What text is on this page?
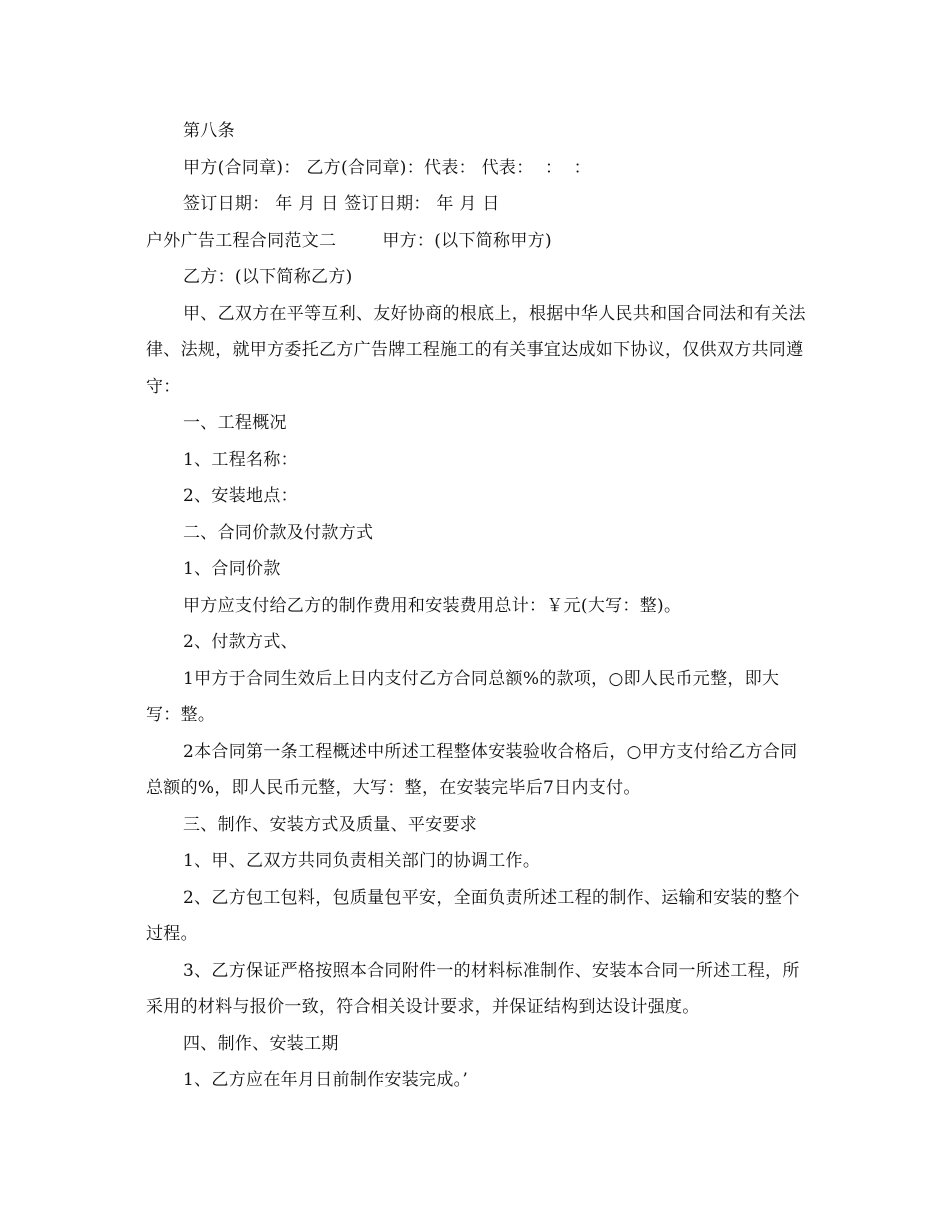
第八条

甲方(合同章)： 乙方(合同章)：代表： 代表：  ：  ：

签订日期： 年 月 日 签订日期： 年 月 日

户外广告工程合同范文二	甲方：(以下简称甲方)

乙方：(以下简称乙方)

甲、乙双方在平等互利、友好协商的根底上，根据中华人民共和国合同法和有关法律、法规，就甲方委托乙方广告牌工程施工的有关事宜达成如下协议，仅供双方共同遵守：

一、工程概况

1、工程名称：

2、安装地点：

二、合同价款及付款方式

1、合同价款

甲方应支付给乙方的制作费用和安装费用总计：￥元(大写：整)。

2、付款方式、

1甲方于合同生效后上日内支付乙方合同总额%的款项，○即人民币元整，即大写：整。

2本合同第一条工程概述中所述工程整体安装验收合格后，○甲方支付给乙方合同总额的%，即人民币元整，大写：整，在安装完毕后7日内支付。

三、制作、安装方式及质量、平安要求

1、甲、乙双方共同负责相关部门的协调工作。

2、乙方包工包料，包质量包平安，全面负责所述工程的制作、运输和安装的整个过程。

3、乙方保证严格按照本合同附件一的材料标准制作、安装本合同一所述工程，所采用的材料与报价一致，符合相关设计要求，并保证结构到达设计强度。

四、制作、安装工期

1、乙方应在年月日前制作安装完成。’
